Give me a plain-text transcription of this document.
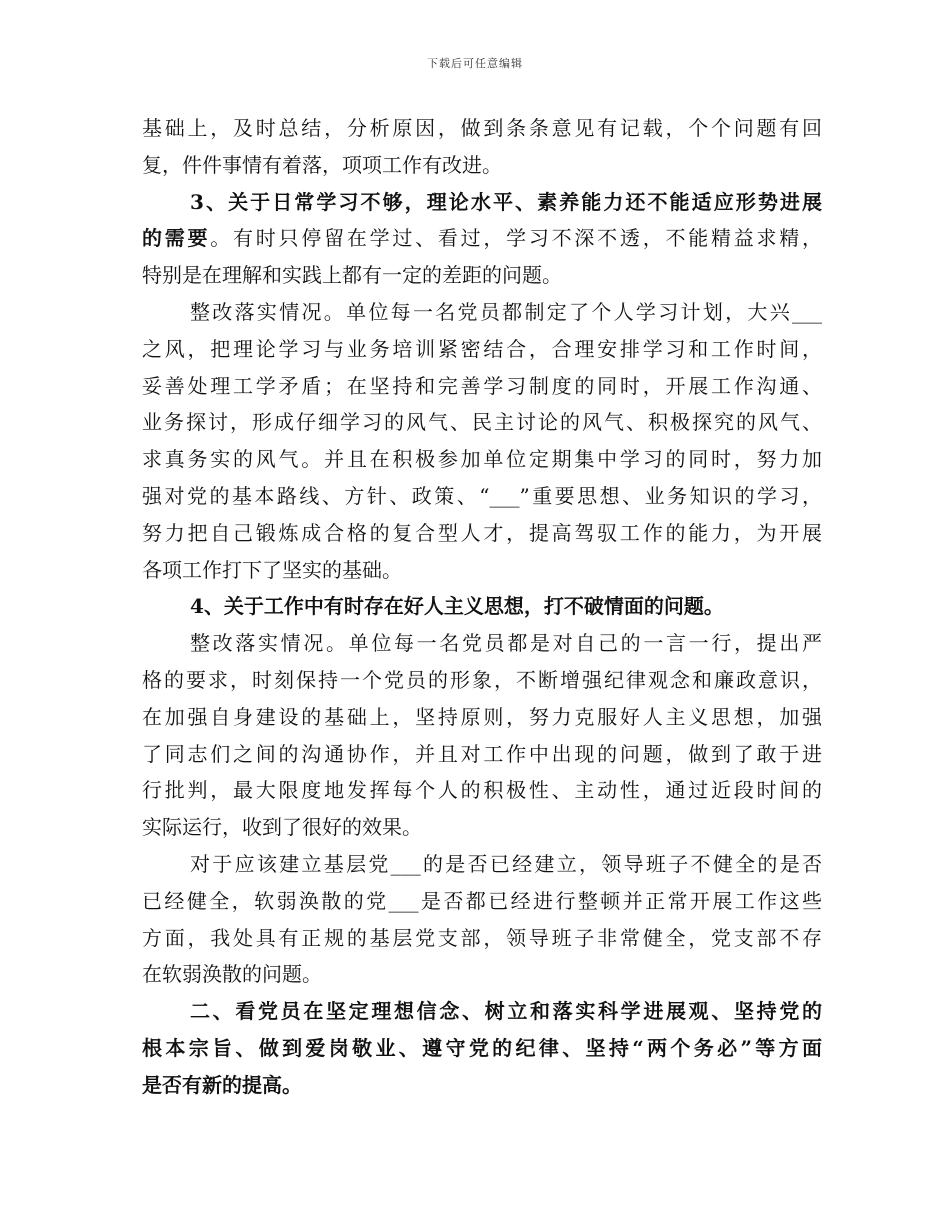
下载后可任意编辑
基础上，及时总结，分析原因，做到条条意见有记载，个个问题有回
复，件件事情有着落，项项工作有改进。
3、关于日常学习不够，理论水平、素养能力还不能适应形势进展
的需要。有时只停留在学过、看过，学习不深不透，不能精益求精，
特别是在理解和实践上都有一定的差距的问题。
整改落实情况。单位每一名党员都制定了个人学习计划，大兴___
之风，把理论学习与业务培训紧密结合，合理安排学习和工作时间，
妥善处理工学矛盾；在坚持和完善学习制度的同时，开展工作沟通、
业务探讨，形成仔细学习的风气、民主讨论的风气、积极探究的风气、
求真务实的风气。并且在积极参加单位定期集中学习的同时，努力加
强对党的基本路线、方针、政策、“___”重要思想、业务知识的学习，
努力把自己锻炼成合格的复合型人才，提高驾驭工作的能力，为开展
各项工作打下了坚实的基础。
4、关于工作中有时存在好人主义思想，打不破情面的问题。
整改落实情况。单位每一名党员都是对自己的一言一行，提出严
格的要求，时刻保持一个党员的形象，不断增强纪律观念和廉政意识，
在加强自身建设的基础上，坚持原则，努力克服好人主义思想，加强
了同志们之间的沟通协作，并且对工作中出现的问题，做到了敢于进
行批判，最大限度地发挥每个人的积极性、主动性，通过近段时间的
实际运行，收到了很好的效果。
对于应该建立基层党___的是否已经建立，领导班子不健全的是否
已经健全，软弱涣散的党___是否都已经进行整顿并正常开展工作这些
方面，我处具有正规的基层党支部，领导班子非常健全，党支部不存
在软弱涣散的问题。
二、看党员在坚定理想信念、树立和落实科学进展观、坚持党的
根本宗旨、做到爱岗敬业、遵守党的纪律、坚持“两个务必”等方面
是否有新的提高。
